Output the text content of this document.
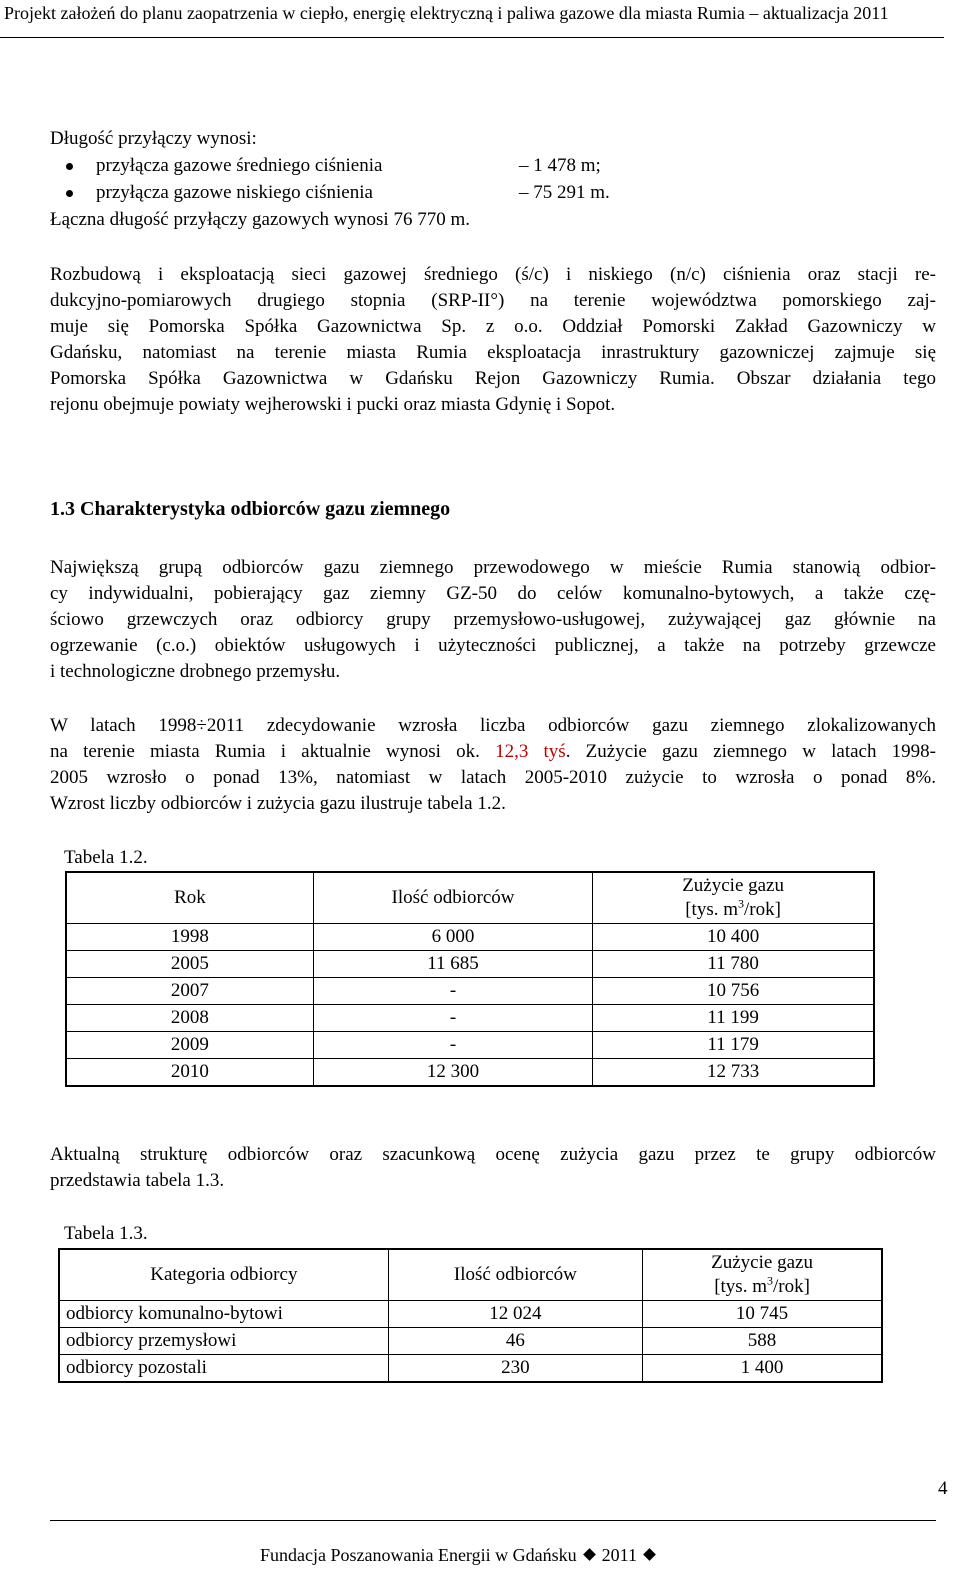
Projekt założeń do planu zaopatrzenia w ciepło, energię elektryczną i paliwa gazowe dla miasta Rumia – aktualizacja 2011
Długość przyłączy wynosi:
przyłącza gazowe średniego ciśnienia	– 1 478 m;
przyłącza gazowe niskiego ciśnienia	– 75 291 m.
Łączna długość przyłączy gazowych wynosi 76 770 m.
Rozbudową i eksploatacją sieci gazowej średniego (ś/c) i niskiego (n/c) ciśnienia oraz stacji re-
dukcyjno-pomiarowych drugiego stopnia (SRP-II°) na terenie województwa pomorskiego zaj-
muje się Pomorska Spółka Gazownictwa Sp. z o.o. Oddział Pomorski Zakład Gazowniczy w
Gdańsku, natomiast na terenie miasta Rumia eksploatacja inrastruktury gazowniczej zajmuje się
Pomorska Spółka Gazownictwa w Gdańsku Rejon Gazowniczy Rumia. Obszar działania tego
rejonu obejmuje powiaty wejherowski i pucki oraz miasta Gdynię i Sopot.
1.3 Charakterystyka odbiorców gazu ziemnego
Największą grupą odbiorców gazu ziemnego przewodowego w mieście Rumia stanowią odbior-
cy indywidualni, pobierający gaz ziemny GZ-50 do celów komunalno-bytowych, a także czę-
ściowo grzewczych oraz odbiorcy grupy przemysłowo-usługowej, zużywającej gaz głównie na
ogrzewanie (c.o.) obiektów usługowych i użyteczności publicznej, a także na potrzeby grzewcze
i technologiczne drobnego przemysłu.
W latach 1998÷2011 zdecydowanie wzrosła liczba odbiorców gazu ziemnego zlokalizowanych
na terenie miasta Rumia i aktualnie wynosi ok. 12,3 tyś. Zużycie gazu ziemnego w latach 1998-
2005 wzrosło o ponad 13%, natomiast w latach 2005-2010 zużycie to wzrosła o ponad 8%.
Wzrost liczby odbiorców i zużycia gazu ilustruje tabela 1.2.
Tabela 1.2.
Rok	Ilość odbiorców	Zużycie gazu
[tys. $m^3/rok$]
1998	6 000	10 400
2005	11 685	11 780
2007	-	10 756
2008	-	11 199
2009	-	11 179
2010	12 300	12 733
Aktualną strukturę odbiorców oraz szacunkową ocenę zużycia gazu przez te grupy odbiorców
przedstawia tabela 1.3.
Tabela 1.3.
Kategoria odbiorcy	Ilość odbiorców	Zużycie gazu
[tys. $m^3/rok$]
odbiorcy komunalno-bytowi	12 024	10 745
odbiorcy przemysłowi	46	588
odbiorcy pozostali	230	1 400
4
Fundacja Poszanowania Energii w Gdańsku 2011
